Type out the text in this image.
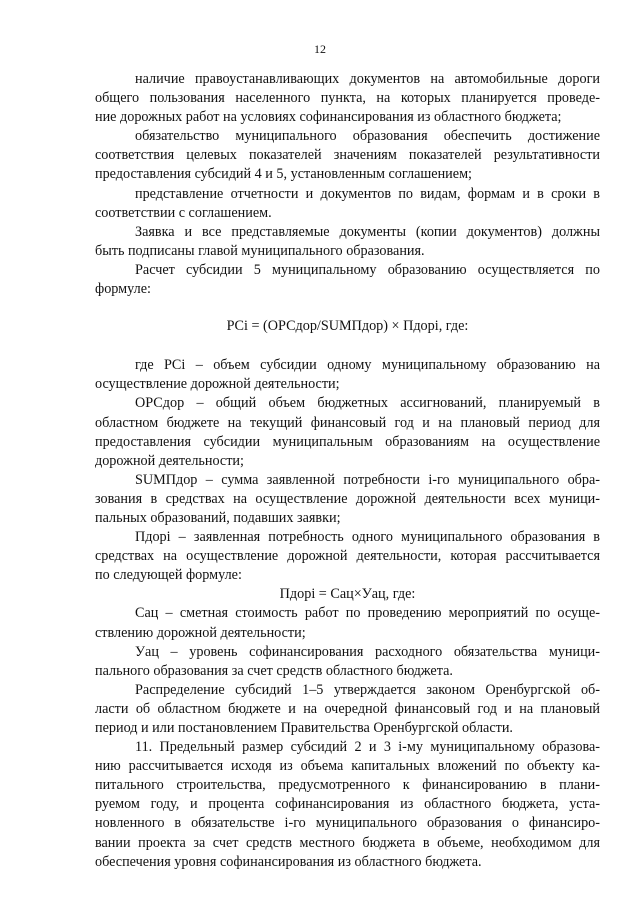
12
наличие правоустанавливающих документов на автомобильные дороги
общего пользования населенного пункта, на которых планируется проведе-
ние дорожных работ на условиях софинансирования из областного бюджета;
обязательство муниципального образования обеспечить достижение
соответствия целевых показателей значениям показателей результативности
предоставления субсидий 4 и 5, установленным соглашением;
представление отчетности и документов по видам, формам и в сроки в
соответствии с соглашением.
Заявка и все представляемые документы (копии документов) должны
быть подписаны главой муниципального образования.
Расчет субсидии 5 муниципальному образованию осуществляется по
формуле:
PCi = (ОРСдор/SUMПдор) × Пдорi, где:
где PCi – объем субсидии одному муниципальному образованию на
осуществление дорожной деятельности;
ОРСдор – общий объем бюджетных ассигнований, планируемый в
областном бюджете на текущий финансовый год и на плановый период для
предоставления субсидии муниципальным образованиям на осуществление
дорожной деятельности;
SUMПдор – сумма заявленной потребности i-го муниципального обра-
зования в средствах на осуществление дорожной деятельности всех муници-
пальных образований, подавших заявки;
Пдорi – заявленная потребность одного муниципального образования в
средствах на осуществление дорожной деятельности, которая рассчитывается
по следующей формуле:
Пдорi = Сац×Уац, где:
Сац – сметная стоимость работ по проведению мероприятий по осуще-
ствлению дорожной деятельности;
Уац – уровень софинансирования расходного обязательства муници-
пального образования за счет средств областного бюджета.
Распределение субсидий 1–5 утверждается законом Оренбургской об-
ласти об областном бюджете и на очередной финансовый год и на плановый
период и или постановлением Правительства Оренбургской области.
11. Предельный размер субсидий 2 и 3 i-му муниципальному образова-
нию рассчитывается исходя из объема капитальных вложений по объекту ка-
питального строительства, предусмотренного к финансированию в плани-
руемом году, и процента софинансирования из областного бюджета, уста-
новленного в обязательстве i-го муниципального образования о финансиро-
вании проекта за счет средств местного бюджета в объеме, необходимом для
обеспечения уровня софинансирования из областного бюджета.
